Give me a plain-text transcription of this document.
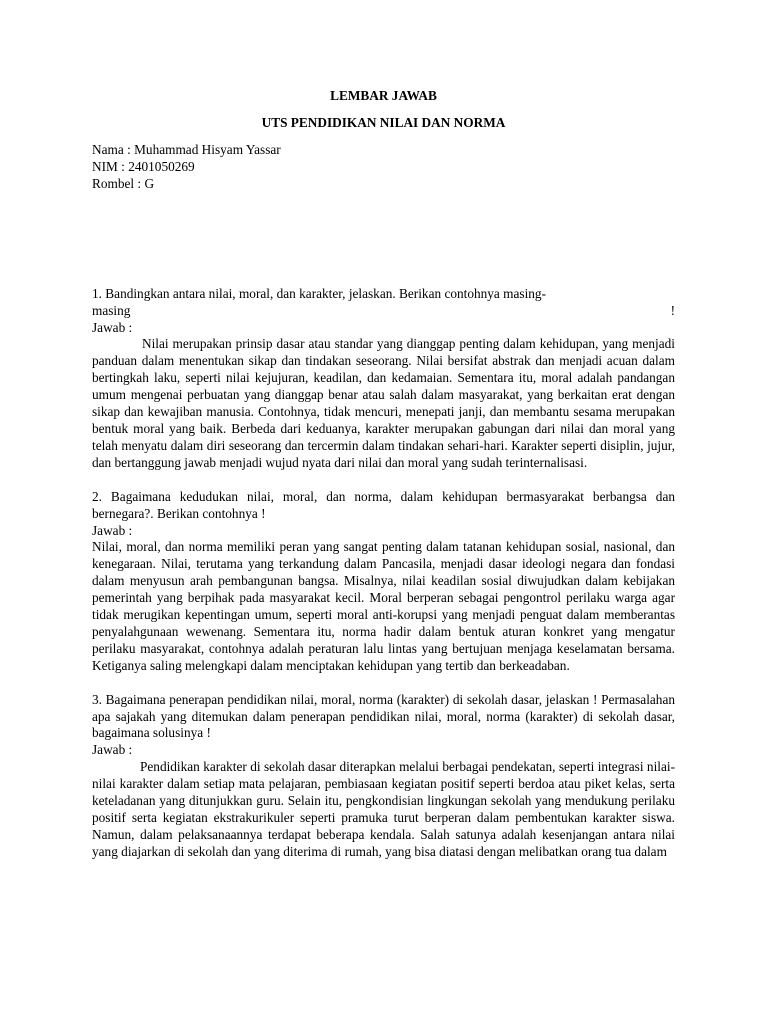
LEMBAR JAWAB
UTS PENDIDIKAN NILAI DAN NORMA
Nama : Muhammad Hisyam Yassar
NIM : 2401050269
Rombel : G

1. Bandingkan antara nilai, moral, dan karakter, jelaskan. Berikan contohnya masing-

masing	!
Jawab :

Nilai merupakan prinsip dasar atau standar yang dianggap penting dalam kehidupan, yang menjadi panduan dalam menentukan sikap dan tindakan seseorang. Nilai bersifat abstrak dan menjadi acuan dalam bertingkah laku, seperti nilai kejujuran, keadilan, dan kedamaian. Sementara itu, moral adalah pandangan umum mengenai perbuatan yang dianggap benar atau salah dalam masyarakat, yang berkaitan erat dengan sikap dan kewajiban manusia. Contohnya, tidak mencuri, menepati janji, dan membantu sesama merupakan bentuk moral yang baik. Berbeda dari keduanya, karakter merupakan gabungan dari nilai dan moral yang telah menyatu dalam diri seseorang dan tercermin dalam tindakan sehari-hari. Karakter seperti disiplin, jujur, dan bertanggung jawab menjadi wujud nyata dari nilai dan moral yang sudah terinternalisasi.

2. Bagaimana kedudukan nilai, moral, dan norma, dalam kehidupan bermasyarakat berbangsa dan bernegara?. Berikan contohnya !

Jawab :

Nilai, moral, dan norma memiliki peran yang sangat penting dalam tatanan kehidupan sosial, nasional, dan kenegaraan. Nilai, terutama yang terkandung dalam Pancasila, menjadi dasar ideologi negara dan fondasi dalam menyusun arah pembangunan bangsa. Misalnya, nilai keadilan sosial diwujudkan dalam kebijakan pemerintah yang berpihak pada masyarakat kecil. Moral berperan sebagai pengontrol perilaku warga agar tidak merugikan kepentingan umum, seperti moral anti-korupsi yang menjadi penguat dalam memberantas penyalahgunaan wewenang. Sementara itu, norma hadir dalam bentuk aturan konkret yang mengatur perilaku masyarakat, contohnya adalah peraturan lalu lintas yang bertujuan menjaga keselamatan bersama. Ketiganya saling melengkapi dalam menciptakan kehidupan yang tertib dan berkeadaban.

3. Bagaimana penerapan pendidikan nilai, moral, norma (karakter) di sekolah dasar, jelaskan ! Permasalahan apa sajakah yang ditemukan dalam penerapan pendidikan nilai, moral, norma (karakter) di sekolah dasar, bagaimana solusinya !

Jawab :

Pendidikan karakter di sekolah dasar diterapkan melalui berbagai pendekatan, seperti integrasi nilai-nilai karakter dalam setiap mata pelajaran, pembiasaan kegiatan positif seperti berdoa atau piket kelas, serta keteladanan yang ditunjukkan guru. Selain itu, pengkondisian lingkungan sekolah yang mendukung perilaku positif serta kegiatan ekstrakurikuler seperti pramuka turut berperan dalam pembentukan karakter siswa. Namun, dalam pelaksanaannya terdapat beberapa kendala. Salah satunya adalah kesenjangan antara nilai yang diajarkan di sekolah dan yang diterima di rumah, yang bisa diatasi dengan melibatkan orang tua dalam
